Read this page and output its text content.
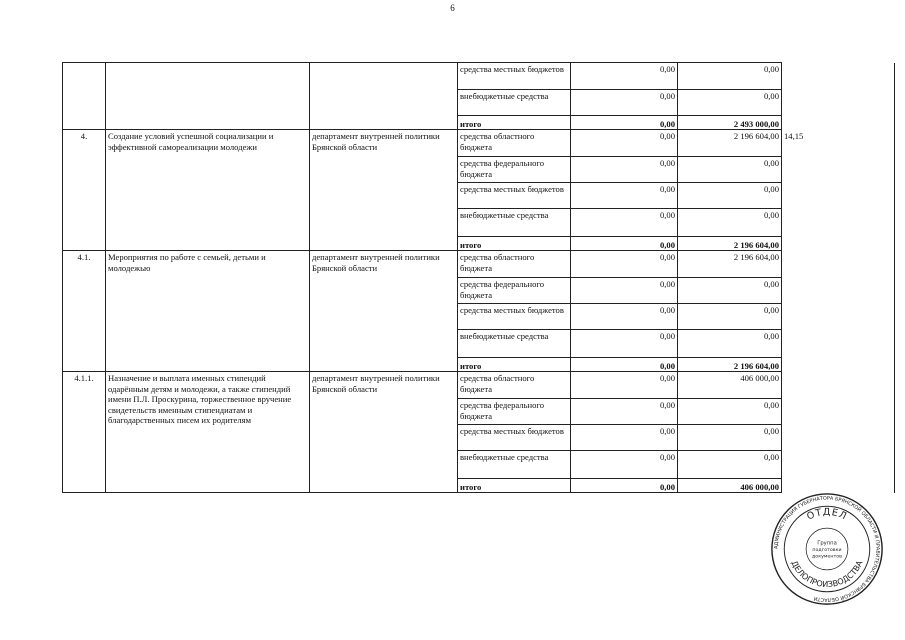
6
			средства местных бюджетов	0,00	0,00	
			внебюджетные средства	0,00	0,00	
			итого	0,00	2 493 000,00	
4.	Создание условий успешной социализации и эффективной самореализации молодежи	департамент внутренней политики Брянской области	средства областного бюджета	0,00	2 196 604,00	14,15
			средства федерального бюджета	0,00	0,00	
			средства местных бюджетов	0,00	0,00	
			внебюджетные средства	0,00	0,00	
			итого	0,00	2 196 604,00	
4.1.	Мероприятия по работе с семьей, детьми и молодежью	департамент внутренней политики Брянской области	средства областного бюджета	0,00	2 196 604,00	
			средства федерального бюджета	0,00	0,00	
			средства местных бюджетов	0,00	0,00	
			внебюджетные средства	0,00	0,00	
			итого	0,00	2 196 604,00	
4.1.1.	Назначение и выплата именных стипендий одарённым детям и молодежи, а также стипендий имени П.Л. Проскурина, торжественное вручение свидетельств именным стипендиатам и благодарственных писем их родителям	департамент внутренней политики Брянской области	средства областного бюджета	0,00	406 000,00	
			средства федерального бюджета	0,00	0,00	
			средства местных бюджетов	0,00	0,00	
			внебюджетные средства	0,00	0,00	
			итого	0,00	406 000,00	
АДМИНИСТРАЦИЯ ГУБЕРНАТОРА БРЯНСКОЙ ОБЛАСТИ И ПРАВИТЕЛЬСТВА БРЯНСКОЙ ОБЛАСТИ
ОТДЕЛ
ДЕЛОПРОИЗВОДСТВА
Группа
подготовки
документов
